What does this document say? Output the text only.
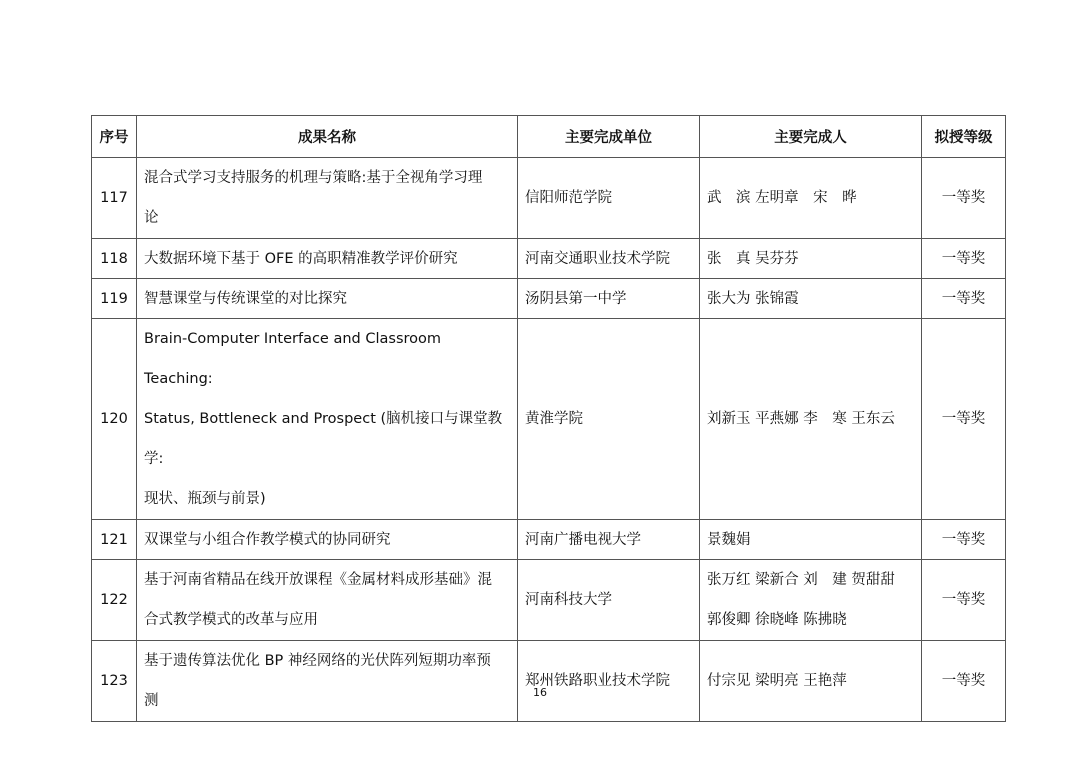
序号	成果名称	主要完成单位	主要完成人	拟授等级
117	混合式学习支持服务的机理与策略:基于全视角学习理
论	信阳师范学院	武　滨 左明章　宋　晔	一等奖
118	大数据环境下基于 OFE 的高职精准教学评价研究	河南交通职业技术学院	张　真 吴芬芬	一等奖
119	智慧课堂与传统课堂的对比探究	汤阴县第一中学	张大为 张锦霞	一等奖
120	Brain-Computer Interface and Classroom Teaching:
Status, Bottleneck and Prospect (脑机接口与课堂教学:
现状、瓶颈与前景)	黄淮学院	刘新玉 平燕娜 李　寒 王东云	一等奖
121	双课堂与小组合作教学模式的协同研究	河南广播电视大学	景魏娟	一等奖
122	基于河南省精品在线开放课程《金属材料成形基础》混
合式教学模式的改革与应用	河南科技大学	张万红 梁新合 刘　建 贺甜甜
郭俊卿 徐晓峰 陈拂晓	一等奖
123	基于遗传算法优化 BP 神经网络的光伏阵列短期功率预
测	郑州铁路职业技术学院	付宗见 梁明亮 王艳萍	一等奖
16
